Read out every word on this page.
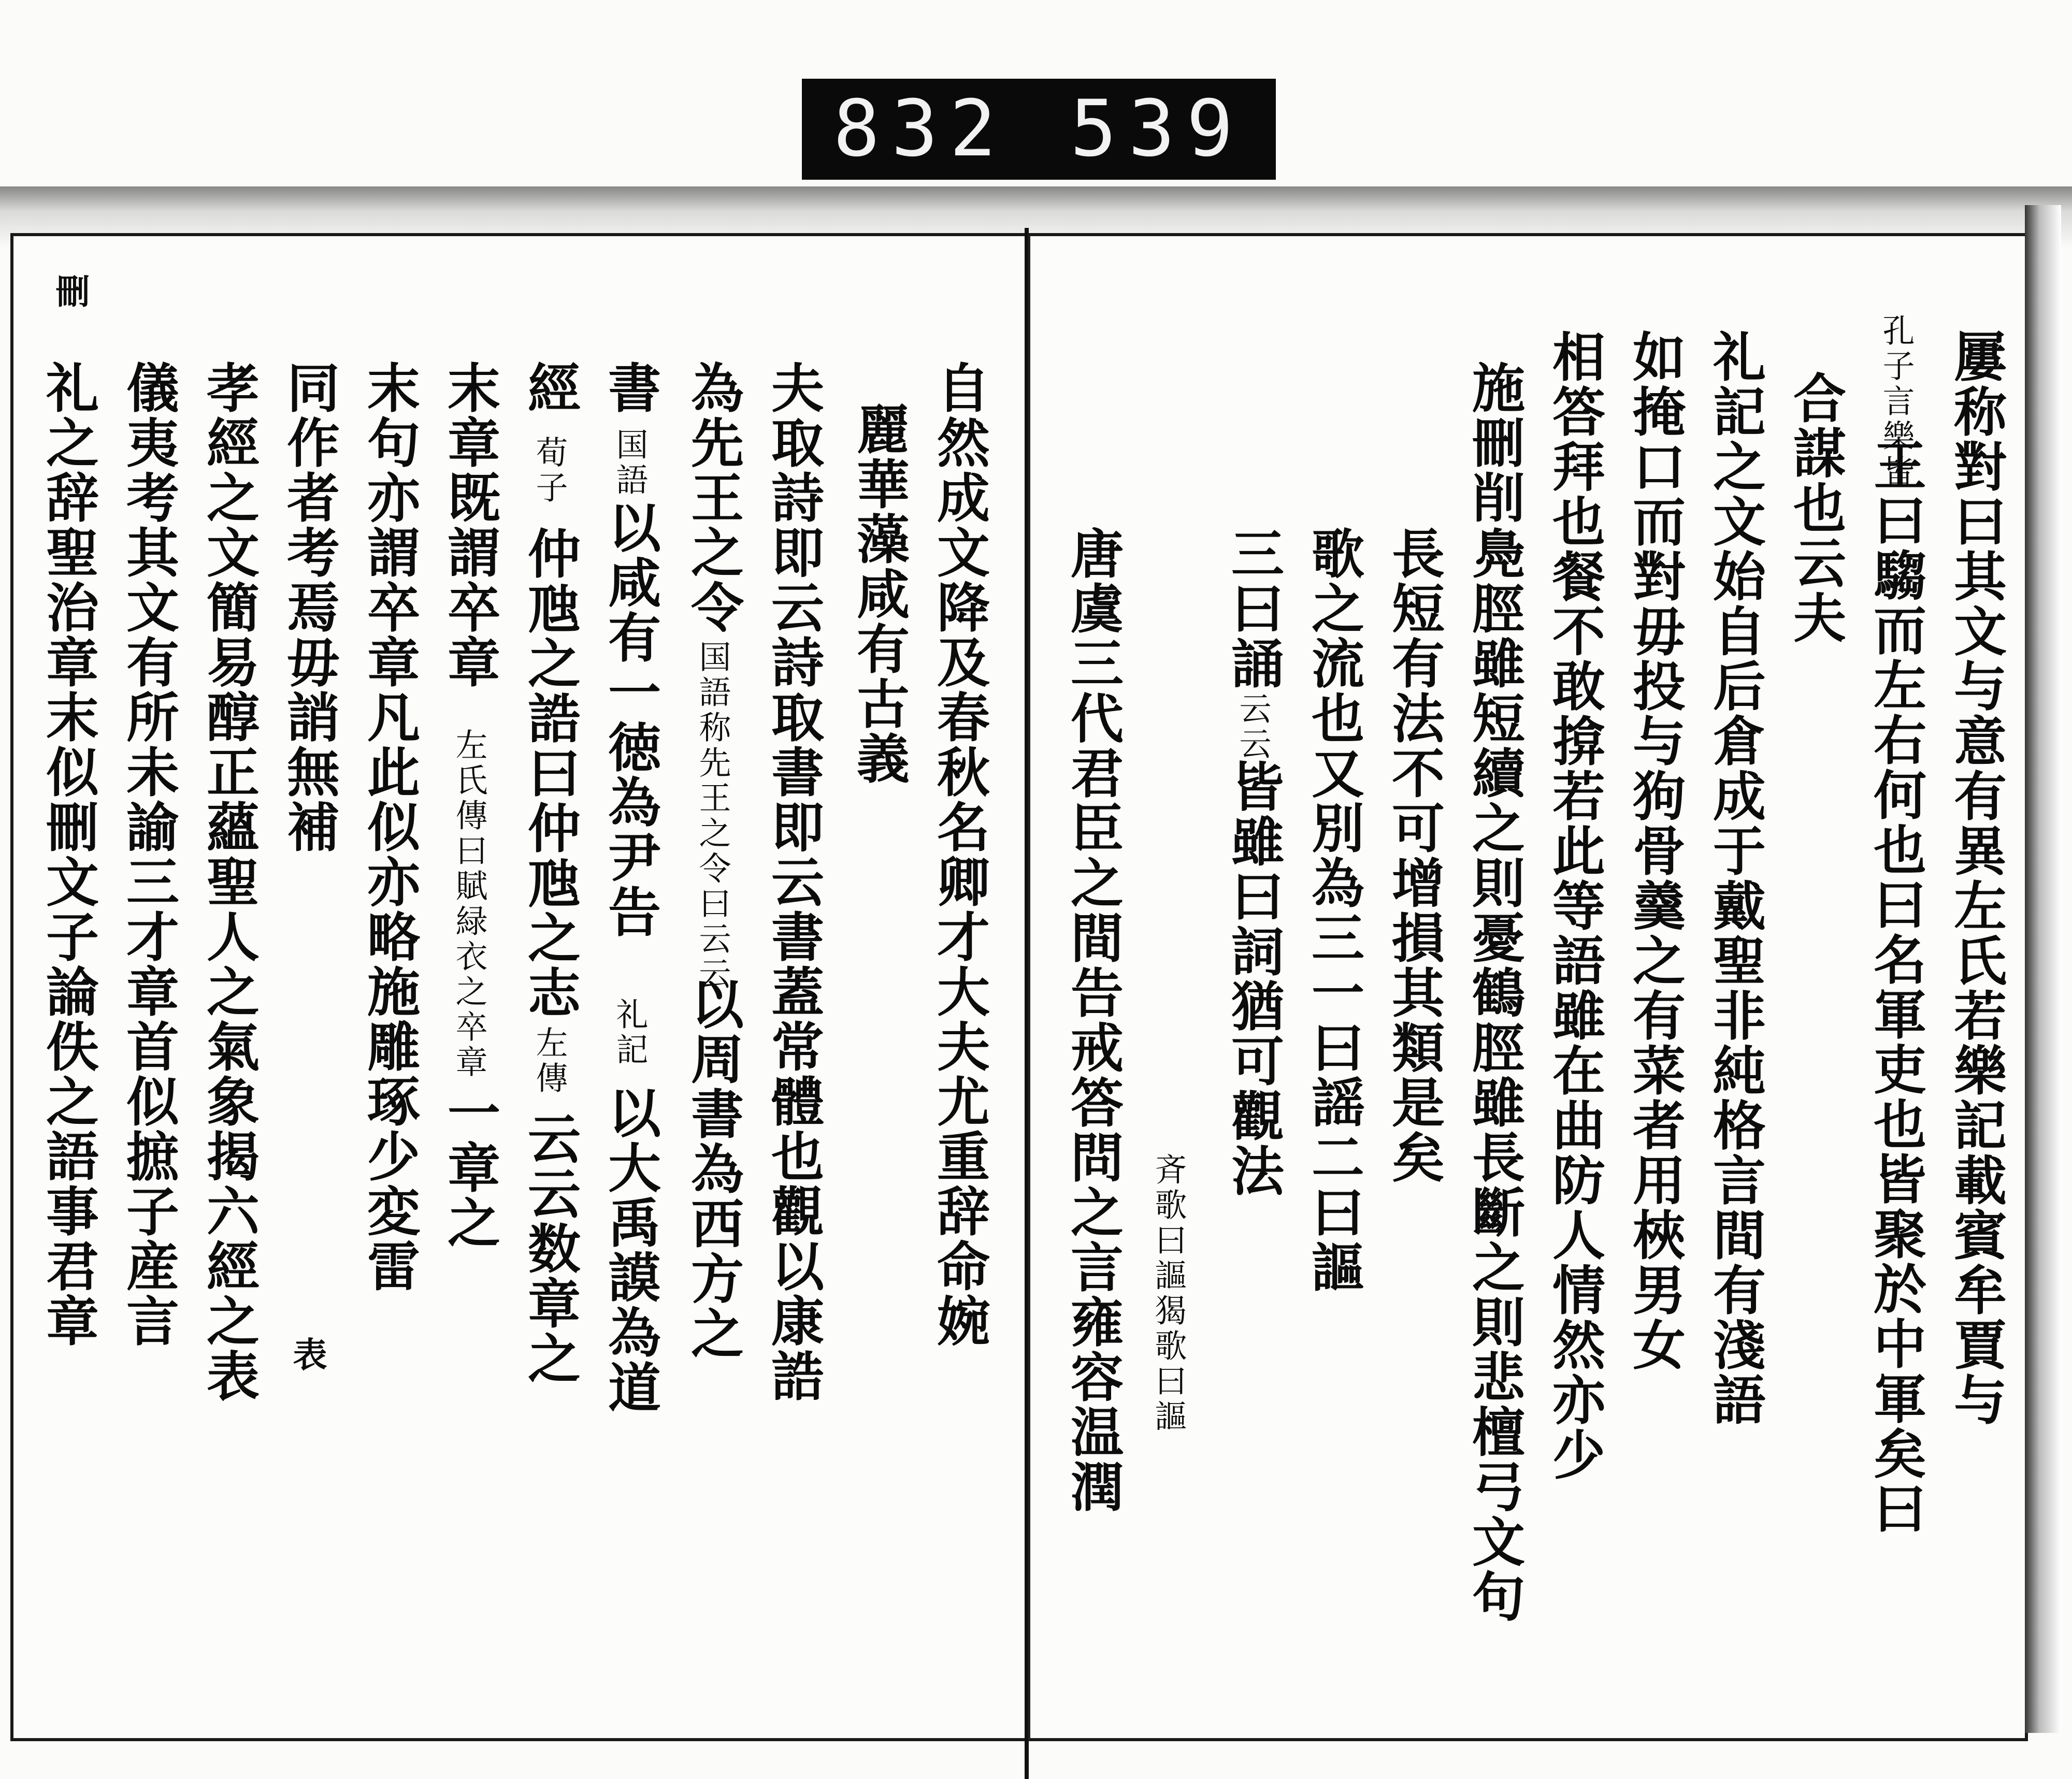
832 539
刪
自然成文降及春秋名卿才大夫尤重辞命婉
麗華藻咸有古義
夫取詩即云詩取書即云書蓋常體也觀以康誥
為先王之令
国語称先王之令曰云云
以周書為西方之
書
国語
以咸有一徳為尹告
礼記
以大禹謨為道
經
荀子
仲虺之誥曰仲虺之志
左傳
云云数章之
末章既謂卒章
左氏傳曰賦緑衣之卒章
一章之
末句亦謂卒章凡此似亦略施雕琢少変雷
同作者考焉毋誚無補
孝經之文簡易醇正蘊聖人之氣象揭六經之表
儀夷考其文有所未諭三才章首似摭子産言
礼之辞聖治章末似刪文子論佚之語事君章
表	屢称對曰其文与意有異左氏若樂記載賓牟賈与
孔子言樂皆
王曰騶而左右何也曰名軍吏也皆聚於中軍矣曰
合謀也云夫
礼記之文始自后倉成于戴聖非純格言間有淺語
如掩口而對毋投与狗骨羹之有菜者用梜男女
相答拜也餐不敢揜若此等語雖在曲防人情然亦少
施刪削
鳧脛雖短續之則憂鶴脛雖長斷之則悲檀弓文句
長短有法不可增損其類是矣
歌之流也又別為三一曰謡二曰謳
三曰誦
云云
皆雖曰詞猶可觀法
斉歌曰謳猲歌曰謳
唐虞三代君臣之間告戒答問之言雍容温潤
